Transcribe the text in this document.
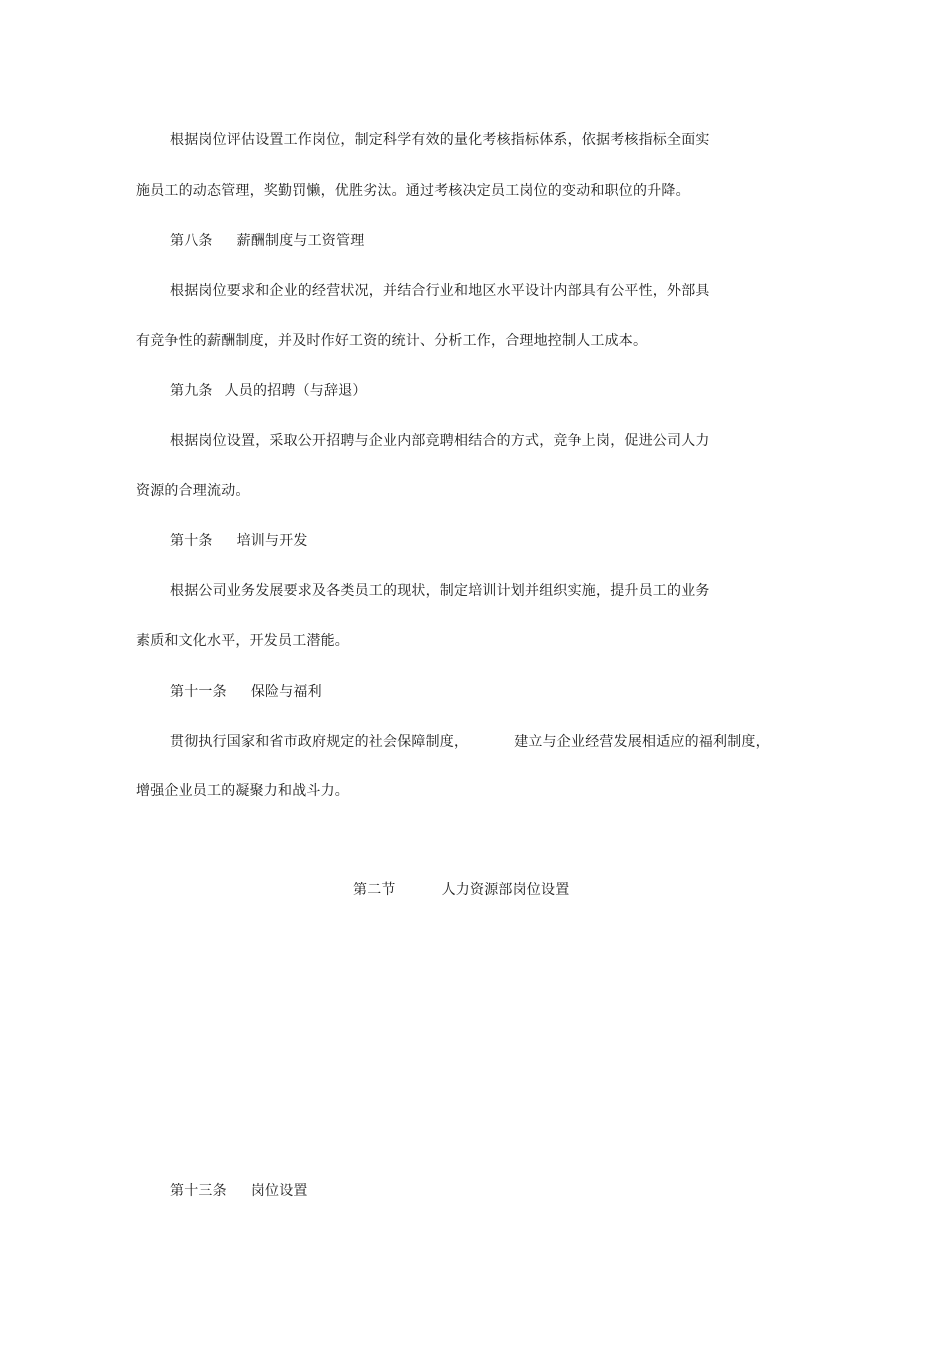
根据岗位评估设置工作岗位，制定科学有效的量化考核指标体系，依据考核指标全面实
施员工的动态管理，奖勤罚懒，优胜劣汰。通过考核决定员工岗位的变动和职位的升降。
第八条 薪酬制度与工资管理
根据岗位要求和企业的经营状况，并结合行业和地区水平设计内部具有公平性，外部具
有竞争性的薪酬制度，并及时作好工资的统计、分析工作，合理地控制人工成本。
第九条 人员的招聘（与辞退）
根据岗位设置，采取公开招聘与企业内部竞聘相结合的方式，竞争上岗，促进公司人力
资源的合理流动。
第十条 培训与开发
根据公司业务发展要求及各类员工的现状，制定培训计划并组织实施，提升员工的业务
素质和文化水平，开发员工潜能。
第十一条 保险与福利
贯彻执行国家和省市政府规定的社会保障制度，	建立与企业经营发展相适应的福利制度，
增强企业员工的凝聚力和战斗力。
第二节	人力资源部岗位设置
第十三条 岗位设置
